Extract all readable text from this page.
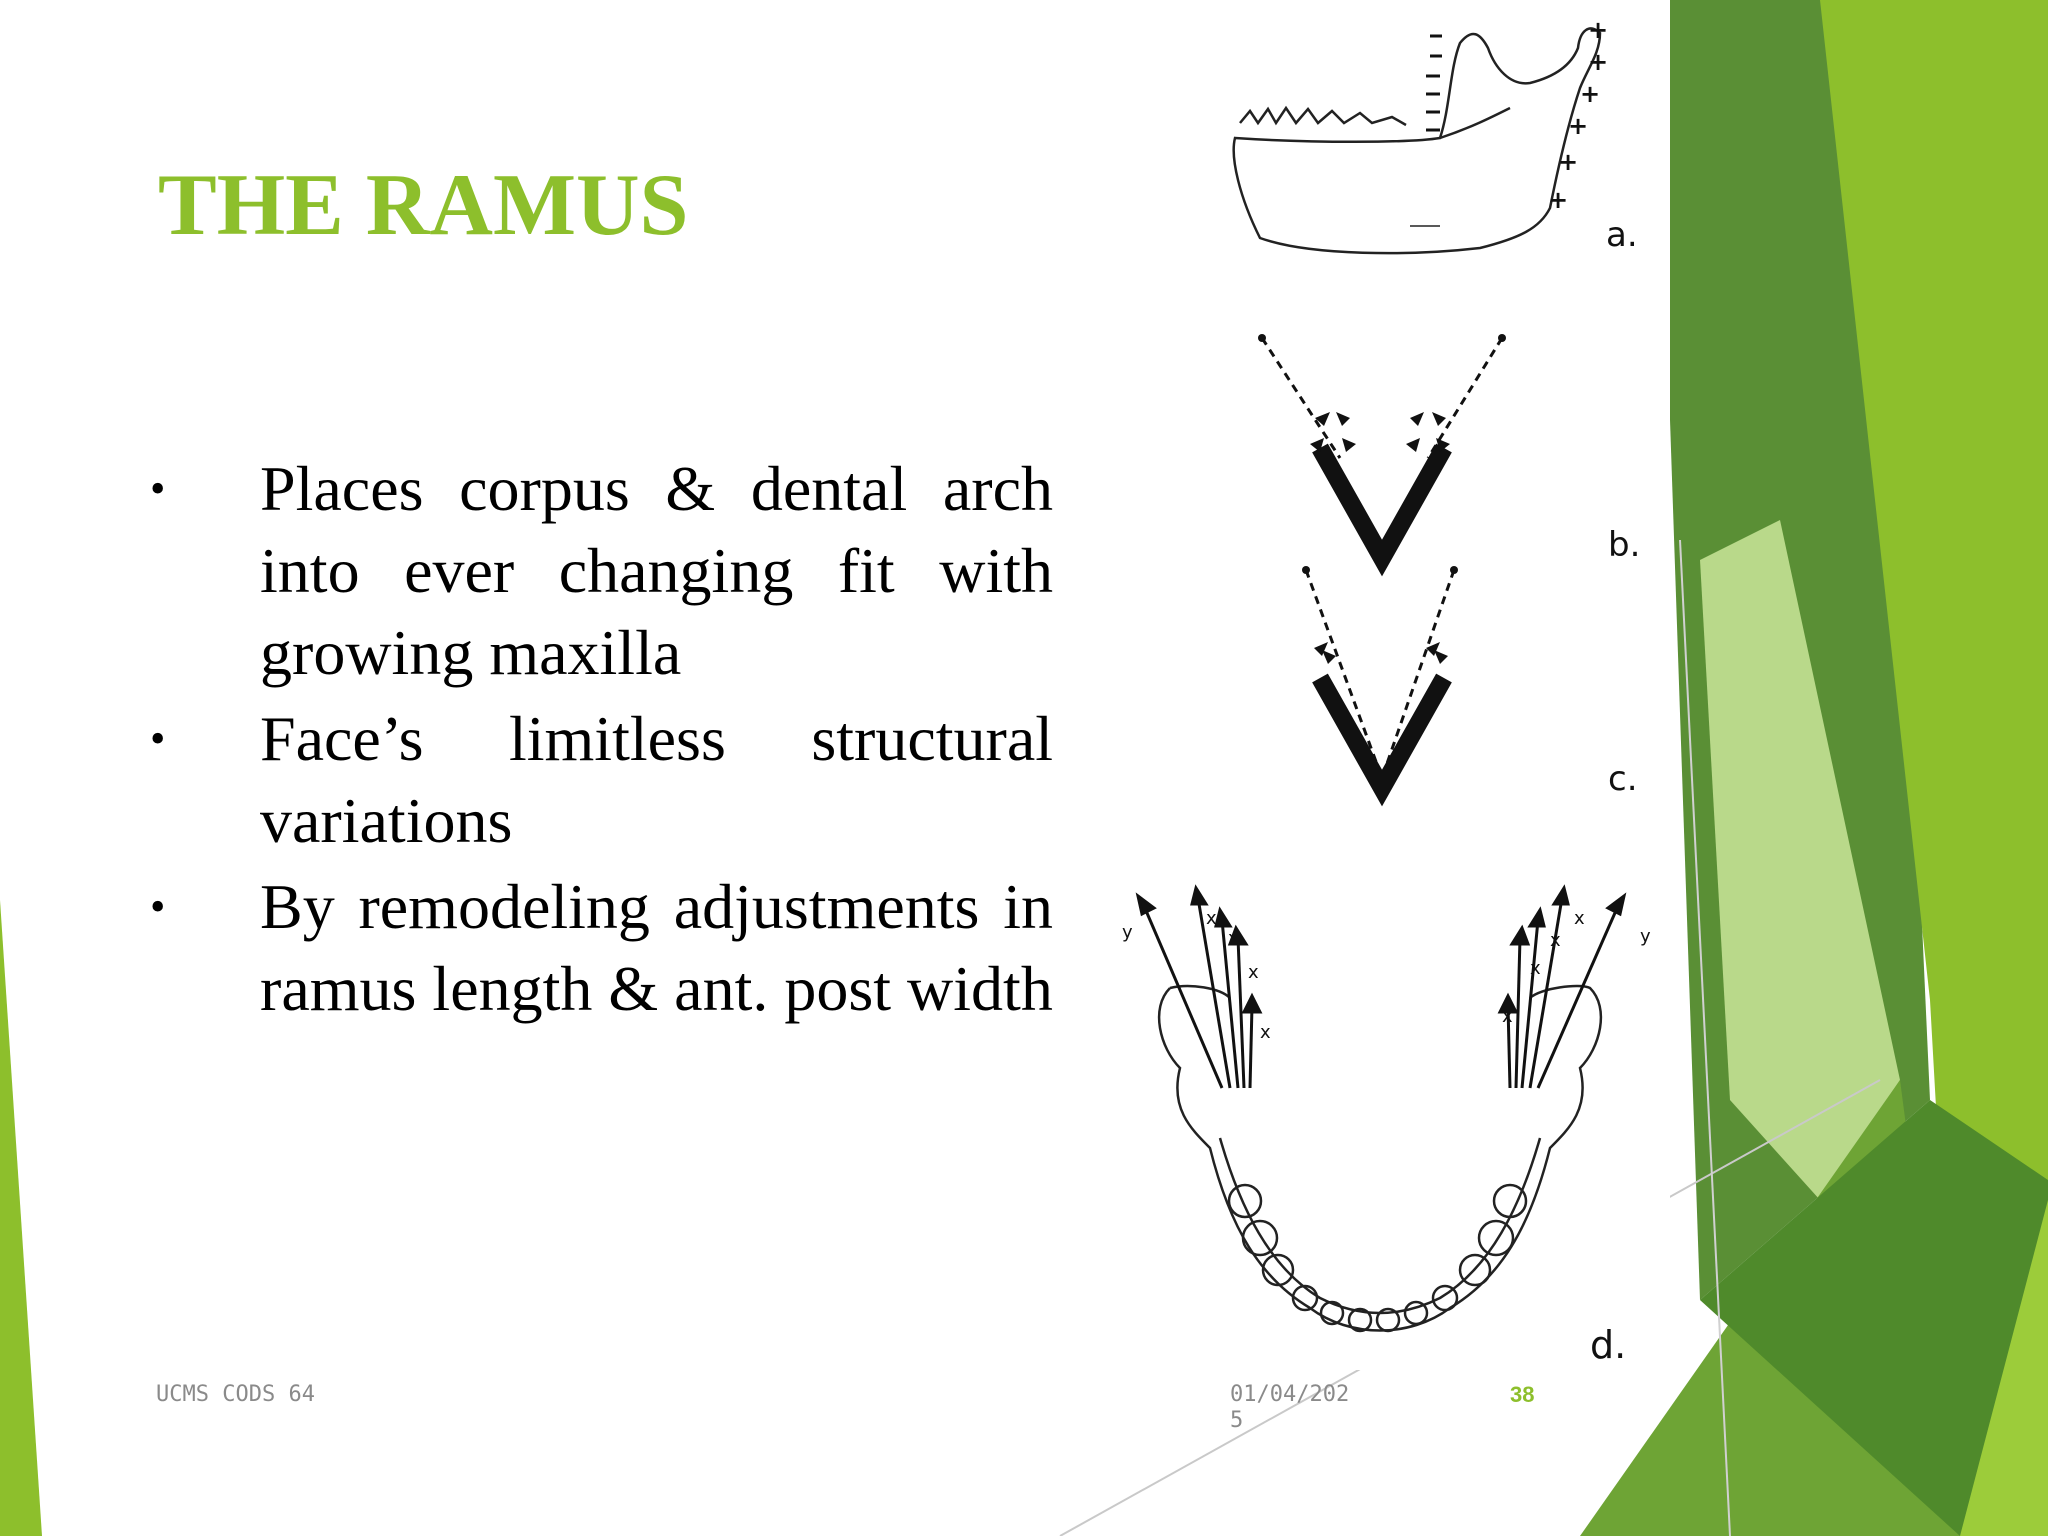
THE RAMUS
• Places corpus & dental arch into ever changing fit with growing maxilla
• Face’s limitless structural variations
• By remodeling adjustments in ramus length & ant. post width
+
+
+
+
+
+
a.
b.
c.
y
x
x
x
x
y
x
x
x
x
d.
UCMS CODS 64	01/04/2025
38
